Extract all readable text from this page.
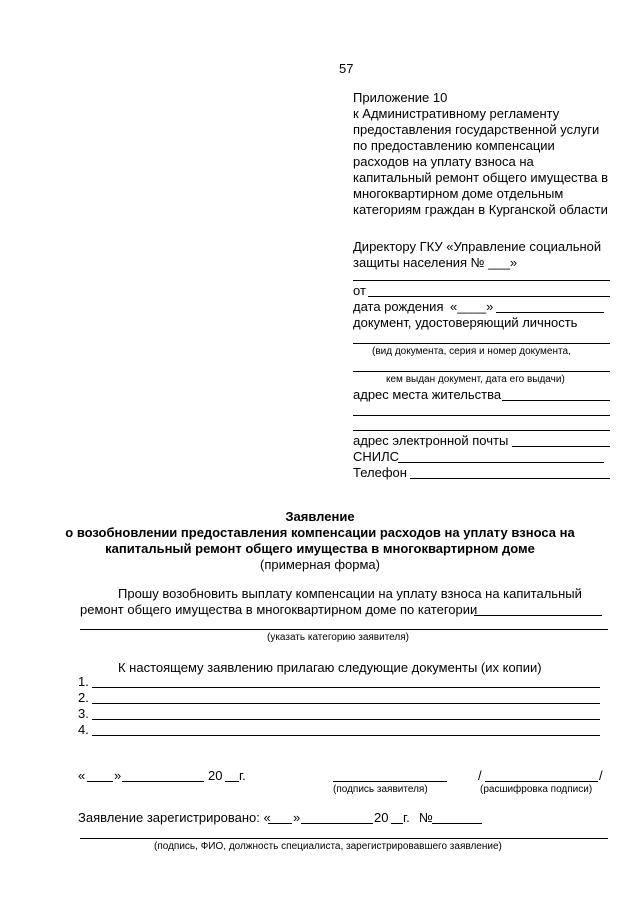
57
Приложение 10
к Административному регламенту
предоставления государственной услуги
по предоставлению компенсации
расходов на уплату взноса на
капитальный ремонт общего имущества в
многоквартирном доме отдельным
категориям граждан в Курганской области
Директору ГКУ «Управление социальной
защиты населения № ___»
от
дата рождения «____»
документ, удостоверяющий личность
(вид документа, серия и номер документа,
кем выдан документ, дата его выдачи)
адрес места жительства
адрес электронной почты
СНИЛС
Телефон
Заявление
о возобновлении предоставления компенсации расходов на уплату взноса на
капитальный ремонт общего имущества в многоквартирном доме
(примерная форма)
Прошу возобновить выплату компенсации на уплату взноса на капитальный
ремонт общего имущества в многоквартирном доме по категории
(указать категорию заявителя)
К настоящему заявлению прилагаю следующие документы (их копии)
1.
2.
3.
4.
« »	20 г.
(подпись заявителя)
/	/
(расшифровка подписи)
Заявление зарегистрировано: « »	20 г. №
(подпись, ФИО, должность специалиста, зарегистрировавшего заявление)
